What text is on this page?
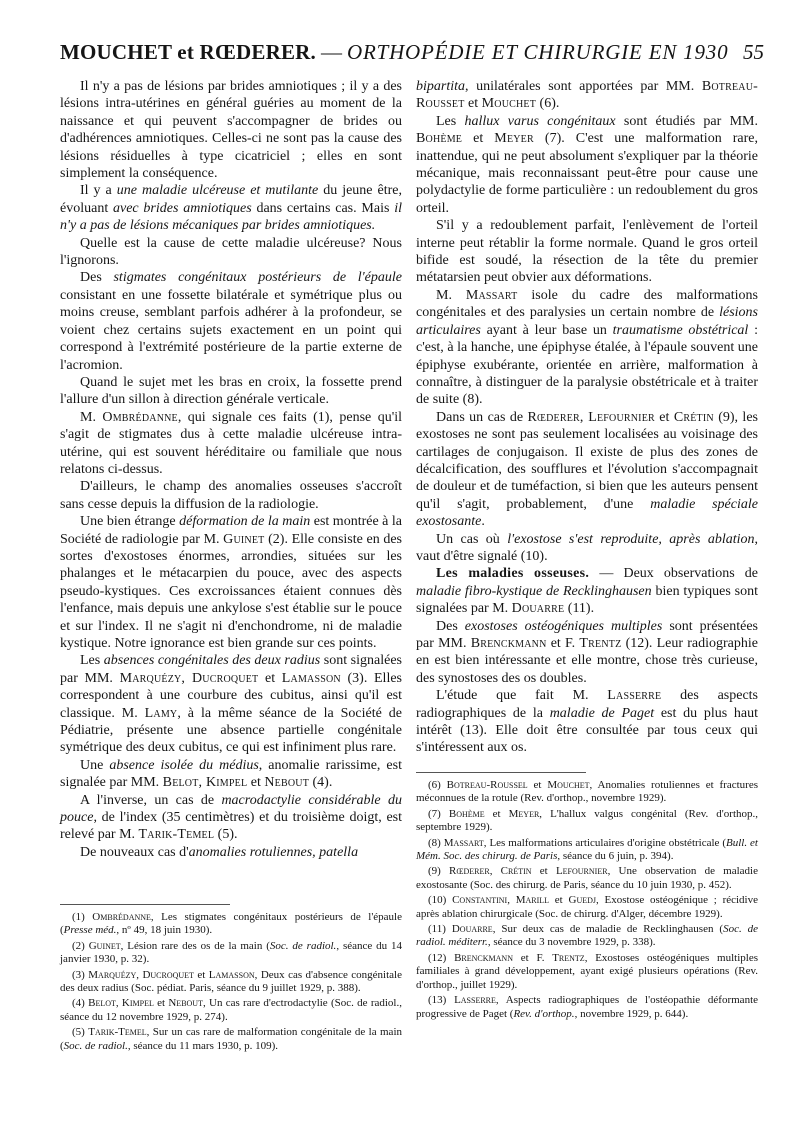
MOUCHET et RŒDERER. — ORTHOPÉDIE ET CHIRURGIE EN 1930 55

Il n'y a pas de lésions par brides amniotiques ; il y a des lésions intra-utérines en général guéries au moment de la naissance et qui peuvent s'accompagner de brides ou d'adhérences amniotiques. Celles-ci ne sont pas la cause des lésions résiduelles à type cicatriciel ; elles en sont simplement la conséquence.

Il y a une maladie ulcéreuse et mutilante du jeune être, évoluant avec brides amniotiques dans certains cas. Mais il n'y a pas de lésions mécaniques par brides amniotiques.

Quelle est la cause de cette maladie ulcéreuse? Nous l'ignorons.

Des stigmates congénitaux postérieurs de l'épaule consistant en une fossette bilatérale et symétrique plus ou moins creuse, semblant parfois adhérer à la profondeur, se voient chez certains sujets exactement en un point qui correspond à l'extrémité postérieure de la partie externe de l'acromion.

Quand le sujet met les bras en croix, la fossette prend l'allure d'un sillon à direction générale verticale.

M. Ombrédanne, qui signale ces faits (1), pense qu'il s'agit de stigmates dus à cette maladie ulcéreuse intra-utérine, qui est souvent héréditaire ou familiale que nous relatons ci-dessus.

D'ailleurs, le champ des anomalies osseuses s'accroît sans cesse depuis la diffusion de la radiologie.

Une bien étrange déformation de la main est montrée à la Société de radiologie par M. Guinet (2). Elle consiste en des sortes d'exostoses énormes, arrondies, situées sur les phalanges et le métacarpien du pouce, avec des aspects pseudo-kystiques. Ces excroissances étaient connues dès l'enfance, mais depuis une ankylose s'est établie sur le pouce et sur l'index. Il ne s'agit ni d'enchondrome, ni de maladie kystique. Notre ignorance est bien grande sur ces points.

Les absences congénitales des deux radius sont signalées par MM. Marquézy, Ducroquet et Lamasson (3). Elles correspondent à une courbure des cubitus, ainsi qu'il est classique. M. Lamy, à la même séance de la Société de Pédiatrie, présente une absence partielle congénitale symétrique des deux cubitus, ce qui est infiniment plus rare.

Une absence isolée du médius, anomalie rarissime, est signalée par MM. Belot, Kimpel et Nebout (4).

A l'inverse, un cas de macrodactylie considérable du pouce, de l'index (35 centimètres) et du troisième doigt, est relevé par M. Tarik-Temel (5).

De nouveaux cas d'anomalies rotuliennes, patella

bipartita, unilatérales sont apportées par MM. Botreau-Rousset et Mouchet (6).

Les hallux varus congénitaux sont étudiés par MM. Bohème et Meyer (7). C'est une malformation rare, inattendue, qui ne peut absolument s'expliquer par la théorie mécanique, mais reconnaissant peut-être pour cause une polydactylie de forme particulière : un redoublement du gros orteil.

S'il y a redoublement parfait, l'enlèvement de l'orteil interne peut rétablir la forme normale. Quand le gros orteil bifide est soudé, la résection de la tête du premier métatarsien peut obvier aux déformations.

M. Massart isole du cadre des malformations congénitales et des paralysies un certain nombre de lésions articulaires ayant à leur base un traumatisme obstétrical : c'est, à la hanche, une épiphyse étalée, à l'épaule souvent une épiphyse exubérante, orientée en arrière, malformation à connaître, à distinguer de la paralysie obstétricale et à traiter de suite (8).

Dans un cas de Rœderer, Lefournier et Crétin (9), les exostoses ne sont pas seulement localisées au voisinage des cartilages de conjugaison. Il existe de plus des zones de décalcification, des soufflures et l'évolution s'accompagnait de douleur et de tuméfaction, si bien que les auteurs pensent qu'il s'agit, probablement, d'une maladie spéciale exostosante.

Un cas où l'exostose s'est reproduite, après ablation, vaut d'être signalé (10).

Les maladies osseuses. — Deux observations de maladie fibro-kystique de Recklinghausen bien typiques sont signalées par M. Douarre (11).

Des exostoses ostéogéniques multiples sont présentées par MM. Brenckmann et F. Trentz (12). Leur radiographie en est bien intéressante et elle montre, chose très curieuse, des synostoses des os doubles.

L'étude que fait M. Lasserre des aspects radiographiques de la maladie de Paget est du plus haut intérêt (13). Elle doit être consultée par tous ceux qui s'intéressent aux os.

(1) Ombrédanne, Les stigmates congénitaux postérieurs de l'épaule (Presse méd., nº 49, 18 juin 1930).

(2) Guinet, Lésion rare des os de la main (Soc. de radiol., séance du 14 janvier 1930, p. 32).

(3) Marquézy, Ducroquet et Lamasson, Deux cas d'absence congénitale des deux radius (Soc. pédiat. Paris, séance du 9 juillet 1929, p. 388).

(4) Belot, Kimpel et Nebout, Un cas rare d'ectrodactylie (Soc. de radiol., séance du 12 novembre 1929, p. 274).

(5) Tarik-Temel, Sur un cas rare de malformation congénitale de la main (Soc. de radiol., séance du 11 mars 1930, p. 109).

(6) Botreau-Roussel et Mouchet, Anomalies rotuliennes et fractures méconnues de la rotule (Rev. d'orthop., novembre 1929).

(7) Bohème et Meyer, L'hallux valgus congénital (Rev. d'orthop., septembre 1929).

(8) Massart, Les malformations articulaires d'origine obstétricale (Bull. et Mém. Soc. des chirurg. de Paris, séance du 6 juin, p. 394).

(9) Rœderer, Crétin et Lefournier, Une observation de maladie exostosante (Soc. des chirurg. de Paris, séance du 10 juin 1930, p. 452).

(10) Constantini, Marill et Guedj, Exostose ostéogénique ; récidive après ablation chirurgicale (Soc. de chirurg. d'Alger, décembre 1929).

(11) Douarre, Sur deux cas de maladie de Recklinghausen (Soc. de radiol. méditerr., séance du 3 novembre 1929, p. 338).

(12) Brenckmann et F. Trentz, Exostoses ostéogéniques multiples familiales à grand développement, ayant exigé plusieurs opérations (Rev. d'orthop., juillet 1929).

(13) Lasserre, Aspects radiographiques de l'ostéopathie déformante progressive de Paget (Rev. d'orthop., novembre 1929, p. 644).
